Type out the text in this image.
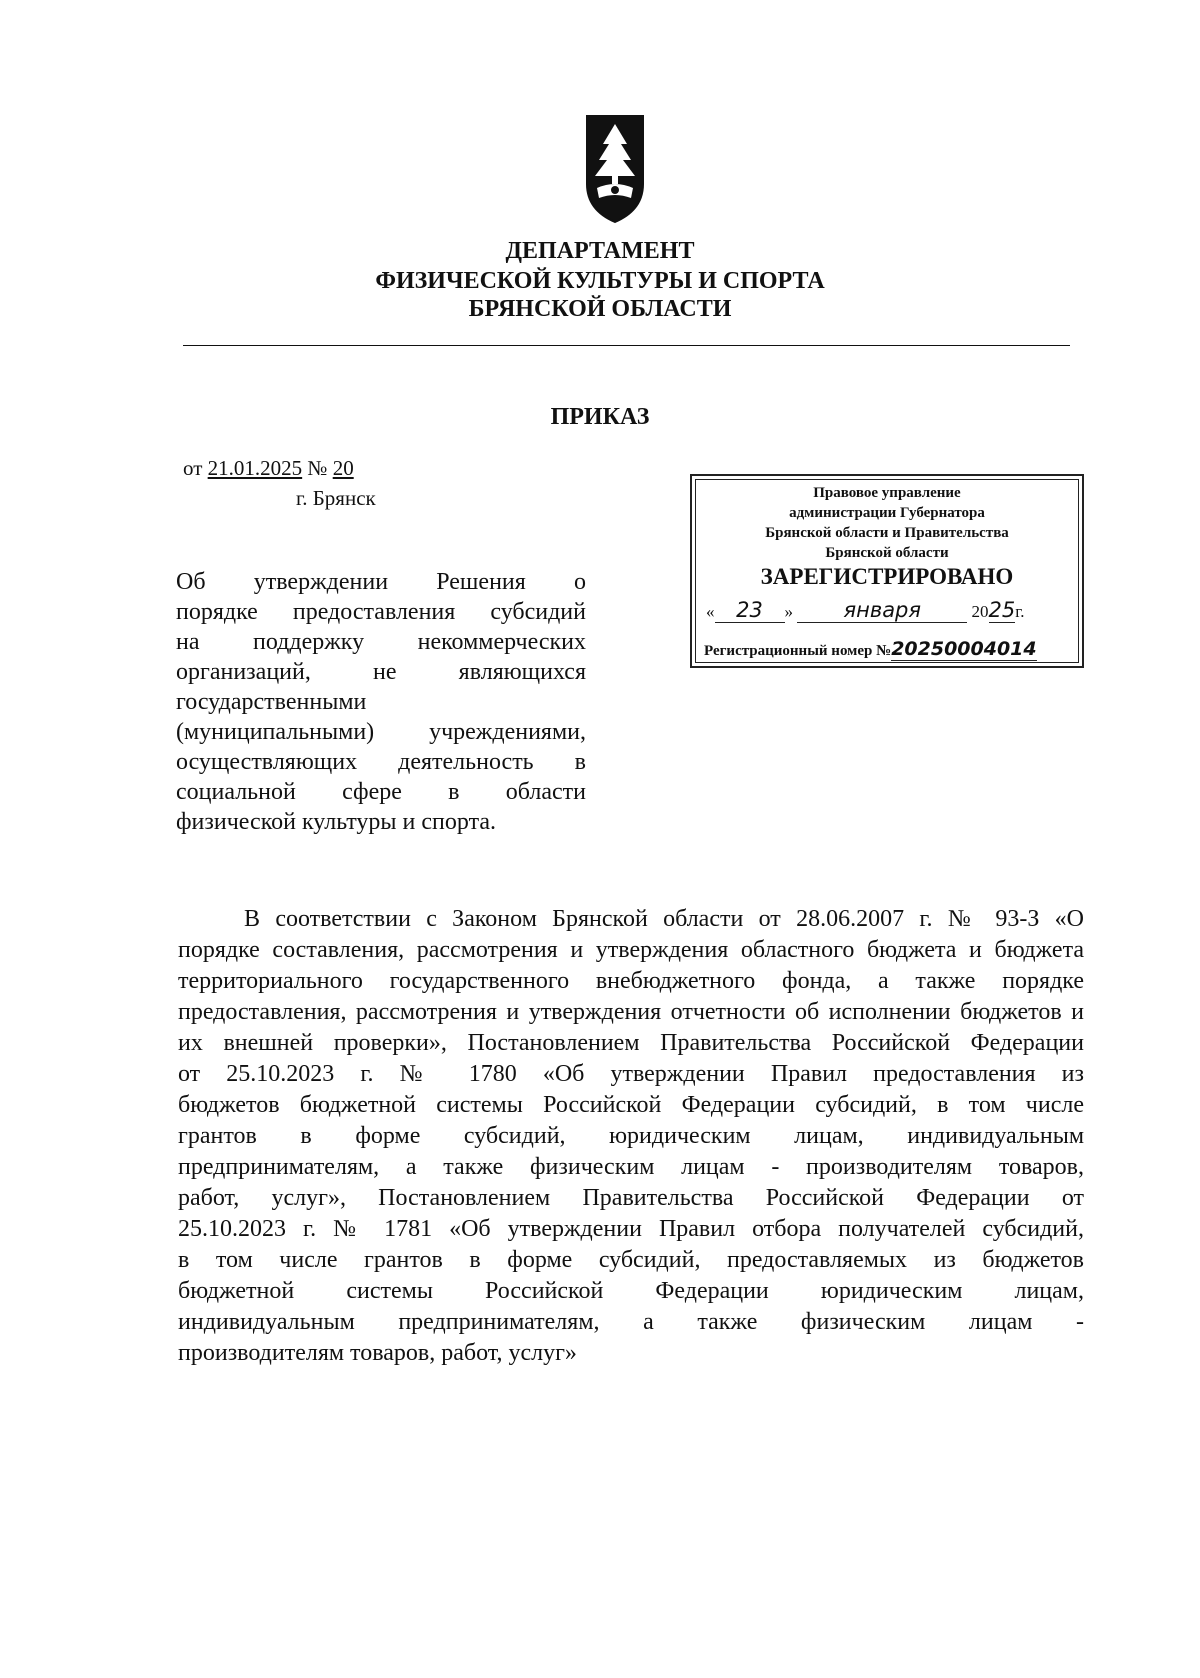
ДЕПАРТАМЕНТ
ФИЗИЧЕСКОЙ КУЛЬТУРЫ И СПОРТА
БРЯНСКОЙ ОБЛАСТИ
ПРИКАЗ
от 21.01.2025 № 20
г. Брянск	Правовое управление
администрации Губернатора
Брянской области и Правительства
Брянской области
ЗАРЕГИСТРИРОВАНО
« 23 » января	2025г.
Регистрационный номер №20250004014
Об утверждении Решения о
порядке предоставления субсидий
на поддержку некоммерческих
организаций, не являющихся
государственными
(муниципальными) учреждениями,
осуществляющих деятельность в
социальной сфере в области
физической культуры и спорта.
В соответствии с Законом Брянской области от 28.06.2007 г. № 93-З «О
порядке составления, рассмотрения и утверждения областного бюджета и бюджета
территориального государственного внебюджетного фонда, а также порядке
предоставления, рассмотрения и утверждения отчетности об исполнении бюджетов и
их внешней проверки», Постановлением Правительства Российской Федерации
от 25.10.2023 г. № 1780 «Об утверждении Правил предоставления из
бюджетов бюджетной системы Российской Федерации субсидий, в том числе
грантов в форме субсидий, юридическим лицам, индивидуальным
предпринимателям, а также физическим лицам - производителям товаров,
работ, услуг», Постановлением Правительства Российской Федерации от
25.10.2023 г. № 1781 «Об утверждении Правил отбора получателей субсидий,
в том числе грантов в форме субсидий, предоставляемых из бюджетов
бюджетной системы Российской Федерации юридическим лицам,
индивидуальным предпринимателям, а также физическим лицам -
производителям товаров, работ, услуг»
